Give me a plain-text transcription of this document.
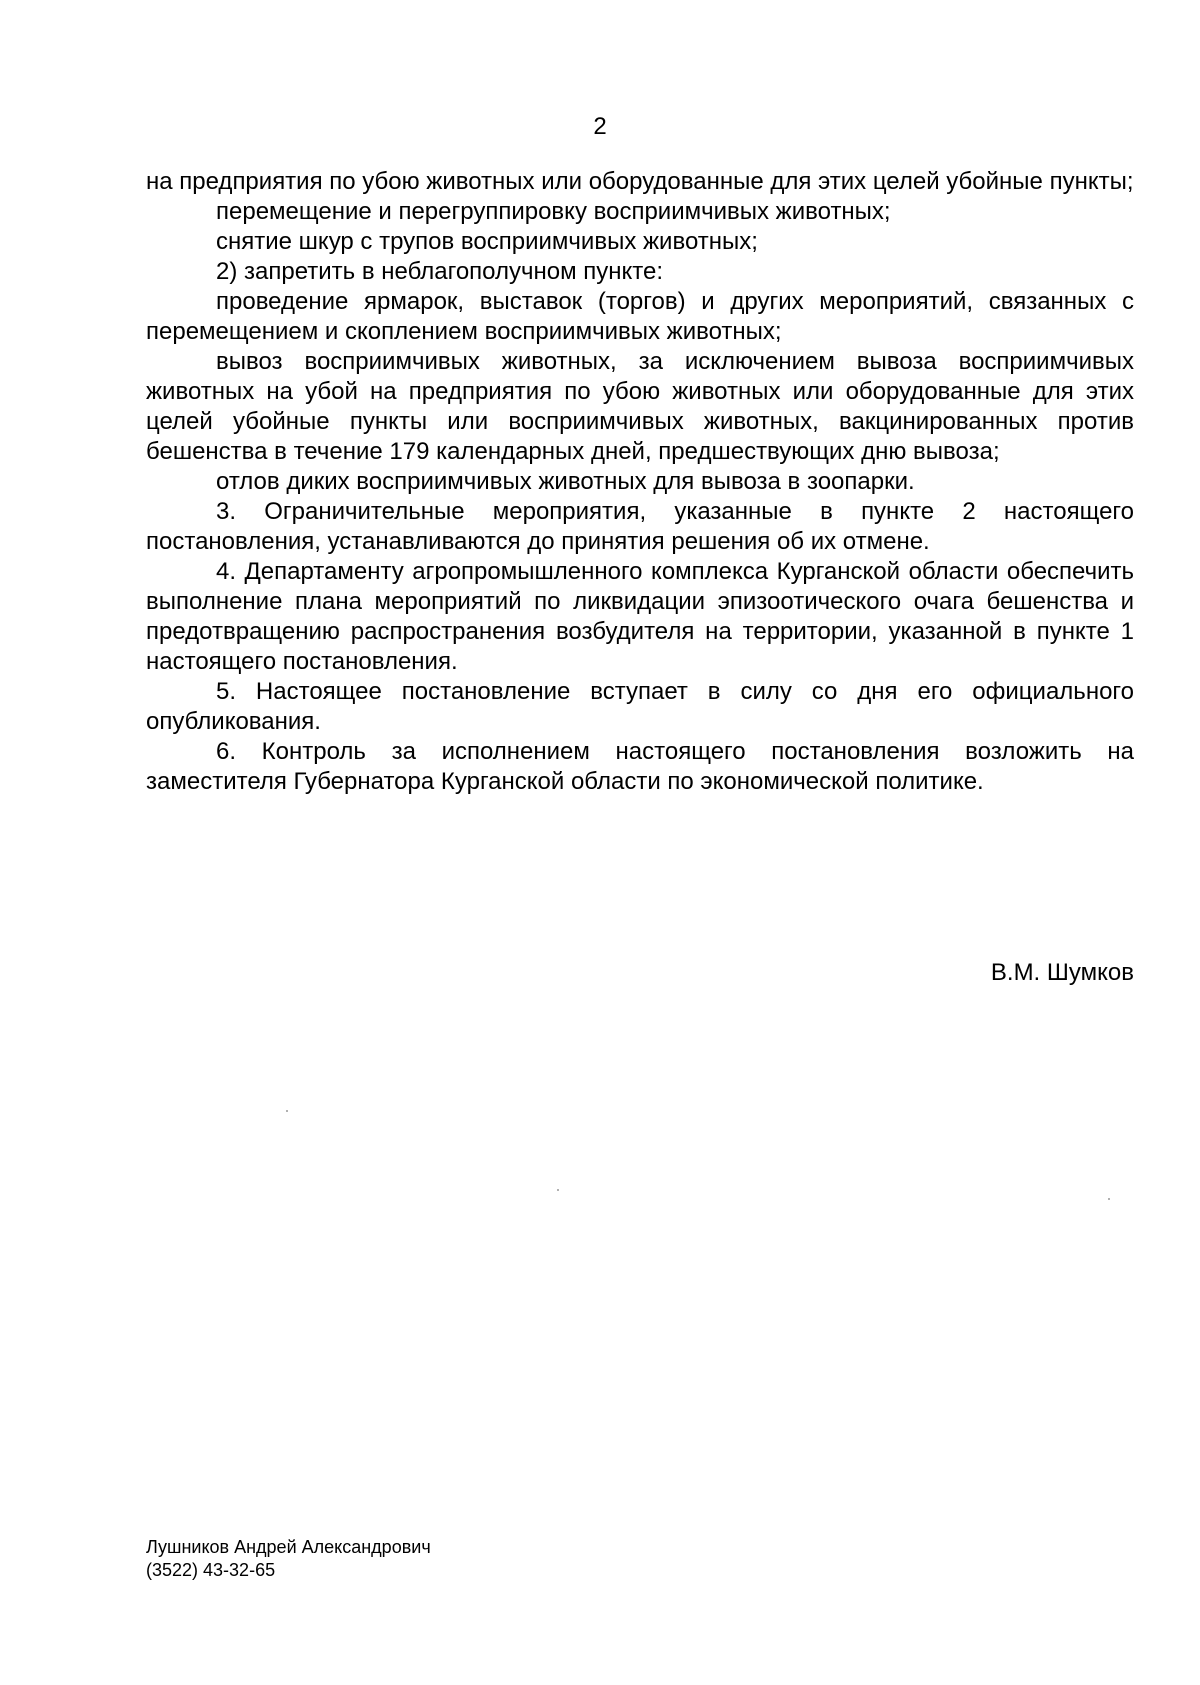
2

на предприятия по убою животных или оборудованные для этих целей убойные пункты;

перемещение и перегруппировку восприимчивых животных;

снятие шкур с трупов восприимчивых животных;

2) запретить в неблагополучном пункте:

проведение ярмарок, выставок (торгов) и других мероприятий, связанных с перемещением и скоплением восприимчивых животных;

вывоз восприимчивых животных, за исключением вывоза восприимчивых животных на убой на предприятия по убою животных или оборудованные для этих целей убойные пункты или восприимчивых животных, вакцинированных против бешенства в течение 179 календарных дней, предшествующих дню вывоза;

отлов диких восприимчивых животных для вывоза в зоопарки.

3. Ограничительные мероприятия, указанные в пункте 2 настоящего постановления, устанавливаются до принятия решения об их отмене.

4. Департаменту агропромышленного комплекса Курганской области обеспечить выполнение плана мероприятий по ликвидации эпизоотического очага бешенства и предотвращению распространения возбудителя на территории, указанной в пункте 1 настоящего постановления.

5. Настоящее постановление вступает в силу со дня его официального опубликования.

6. Контроль за исполнением настоящего постановления возложить на заместителя Губернатора Курганской области по экономической политике.

В.М. Шумков
Лушников Андрей Александрович
(3522) 43-32-65
